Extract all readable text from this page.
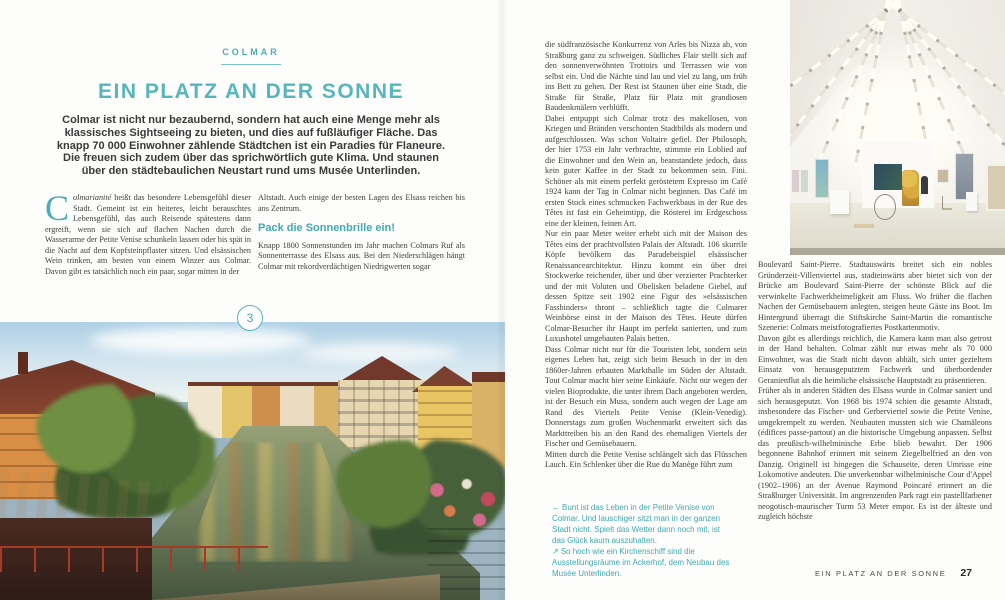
COLMAR
EIN PLATZ AN DER SONNE
Colmar ist nicht nur bezaubernd, sondern hat auch eine Menge mehr als klassisches Sightseeing zu bieten, und dies auf fußläufiger Fläche. Das knapp 70 000 Einwohner zählende Städtchen ist ein Paradies für Flaneure. Die freuen sich zudem über das sprichwörtlich gute Klima. Und staunen über den städtebaulichen Neustart rund ums Musée Unterlinden.

Colmarianité heißt das besondere Lebensgefühl dieser Stadt. Gemeint ist ein heiteres, leicht berauschtes Lebensgefühl, das auch Reisende spätestens dann ergreift, wenn sie sich auf flachen Nachen durch die Wasserarme der Petite Venise schunkeln lassen oder bis spät in die Nacht auf dem Kopfsteinpflaster sitzen. Und elsässischen Wein trinken, am besten von einem Winzer aus Colmar. Davon gibt es tatsächlich noch ein paar, sogar mitten in der

Altstadt. Auch einige der besten Lagen des Elsass reichen bis ans Zentrum.

Pack die Sonnenbrille ein!

Knapp 1800 Sonnenstunden im Jahr machen Colmars Ruf als Sonnenterrasse des Elsass aus. Bei den Niederschlägen hängt Colmar mit rekordverdächtigen Niedrigwerten sogar

3

die südfranzösische Konkurrenz von Arles bis Nizza ab, von Straßburg ganz zu schweigen. Südliches Flair stellt sich auf den sonnenverwöhnten Trottoirs und Terrassen wie von selbst ein. Und die Nächte sind lau und viel zu lang, um früh ins Bett zu gehen. Der Rest ist Staunen über eine Stadt, die Straße für Straße, Platz für Platz mit grandiosen Baudenkmälern verblüfft.

Dabei entpuppt sich Colmar trotz des makellosen, von Kriegen und Bränden verschonten Stadtbilds als modern und aufgeschlossen. Was schon Voltaire gefiel. Der Philosoph, der hier 1753 ein Jahr verbrachte, stimmte ein Loblied auf die Einwohner und den Wein an, beanstandete jedoch, dass kein guter Kaffee in der Stadt zu bekommen sein. Fini. Schöner als mit einem perfekt geröstetem Expresso im Café 1924 kann der Tag in Colmar nicht beginnen. Das Café im ersten Stock eines schmucken Fachwerkbaus in der Rue des Têtes ist fast ein Geheimtipp, die Rösterei im Erdgeschoss eine der kleinen, feinen Art.

Nur ein paar Meter weiter erhebt sich mit der Maison des Têtes eins der prachtvollsten Palais der Altstadt. 106 skurrile Köpfe bevölkern das Paradebeispiel elsässischer Renaissancearchitektur. Hinzu kommt ein über drei Stockwerke reichender, über und über verzierter Prachterker und der mit Voluten und Obelisken beladene Giebel, auf dessen Spitze seit 1902 eine Figur des »elsässischen Fassbinders« thront – schließlich tagte die Colmarer Weinbörse einst in der Maison des Têtes. Heute dürfen Colmar-Besucher ihr Haupt im perfekt sanierten, und zum Luxushotel umgebauten Palais betten.

Dass Colmar nicht nur für die Touristen lebt, sondern sein eigenes Leben hat, zeigt sich beim Besuch in der in den 1860er-Jahren erbauten Markthalle im Süden der Altstadt. Tout Colmar macht hier seine Einkäufe. Nicht nur wegen der vielen Bioprodukte, die unter ihrem Dach angeboten werden, ist der Besuch ein Muss, sondern auch wegen der Lage am Rand des Viertels Petite Venise (Klein-Venedig). Donnerstags zum großen Wochenmarkt erweitert sich das Markttreiben bis an den Rand des ehemaligen Viertels der Fischer und Gemüsebauern.

Mitten durch die Petite Venise schlängelt sich das Flüsschen Lauch. Ein Schlenker über die Rue du Manège führt zum

Boulevard Saint-Pierre. Stadtauswärts breitet sich ein nobles Gründerzeit-Villenviertel aus, stadteinwärts aber bietet sich von der Brücke am Boulevard Saint-Pierre der schönste Blick auf die verwinkelte Fachwerkheimeligkeit am Fluss. Wo früher die flachen Nachen der Gemüsebauern anlegten, steigen heute Gäste ins Boot. Im Hintergrund überragt die Stiftskirche Saint-Martin die romantische Szenerie: Colmars meistfotografiertes Postkartenmotiv.

Davon gibt es allerdings reichlich, die Kamera kann man also getrost in der Hand behalten. Colmar zählt nur etwas mehr als 70 000 Einwohner, was die Stadt nicht davon abhält, sich unter gezieltem Einsatz von herausgeputztem Fachwerk und überbordender Geranienflut als die heimliche elsässische Hauptstadt zu präsentieren.

Früher als in anderen Städten des Elsass wurde in Colmar saniert und sich herausgeputzt. Von 1968 bis 1974 schien die gesamte Altstadt, insbesondere das Fischer- und Gerberviertel sowie die Petite Venise, umgekrempelt zu werden. Neubauten mussten sich wie Chamäleons (édifices passe-partout) an die historische Umgebung anpassen. Selbst das preußisch-wilhelminische Erbe blieb bewahrt. Der 1906 begonnene Bahnhof erinnert mit seinem Ziegelbelfried an den von Danzig. Originell ist hingegen die Schauseite, deren Umrisse eine Lokomotive andeuten. Die unverkennbar wilhelminische Cour d'Appel (1902–1906) an der Avenue Raymond Poincaré erinnert an die Straßburger Universität. Im angrenzenden Park ragt ein pastellfarbener neogotisch-maurischer Turm 53 Meter empor. Es ist der älteste und zugleich höchste

← Bunt ist das Leben in der Petite Venise von Colmar. Und lauschiger sitzt man in der ganzen Stadt nicht. Spielt das Wetter dann noch mit, ist das Glück kaum auszuhalten.
↗ So hoch wie ein Kirchenschiff sind die Ausstellungsräume im Ackerhof, dem Neubau des Musée Unterlinden.	EIN PLATZ AN DER SONNE 27
